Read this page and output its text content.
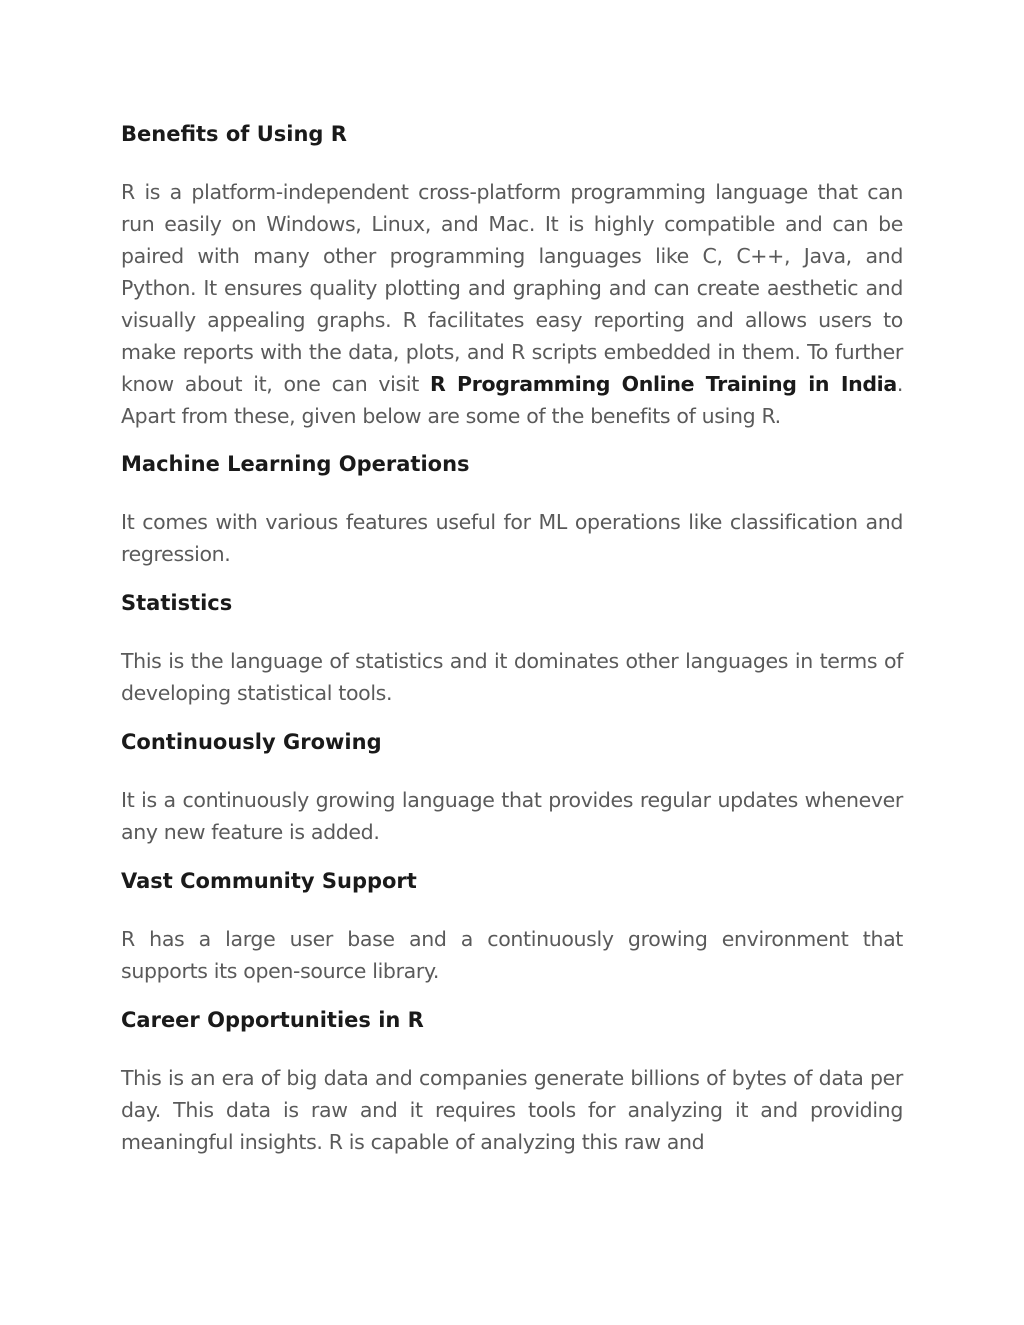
Benefits of Using R

R is a platform-independent cross-platform programming language that can run easily on Windows, Linux, and Mac. It is highly compatible and can be paired with many other programming languages like C, C++, Java, and Python. It ensures quality plotting and graphing and can create aesthetic and visually appealing graphs. R facilitates easy reporting and allows users to make reports with the data, plots, and R scripts embedded in them. To further know about it, one can visit R Programming Online Training in India. Apart from these, given below are some of the benefits of using R.

Machine Learning Operations

It comes with various features useful for ML operations like classification and regression.

Statistics

This is the language of statistics and it dominates other languages in terms of developing statistical tools.

Continuously Growing

It is a continuously growing language that provides regular updates whenever any new feature is added.

Vast Community Support

R has a large user base and a continuously growing environment that supports its open-source library.

Career Opportunities in R

This is an era of big data and companies generate billions of bytes of data per day. This data is raw and it requires tools for analyzing it and providing meaningful insights. R is capable of analyzing this raw and
